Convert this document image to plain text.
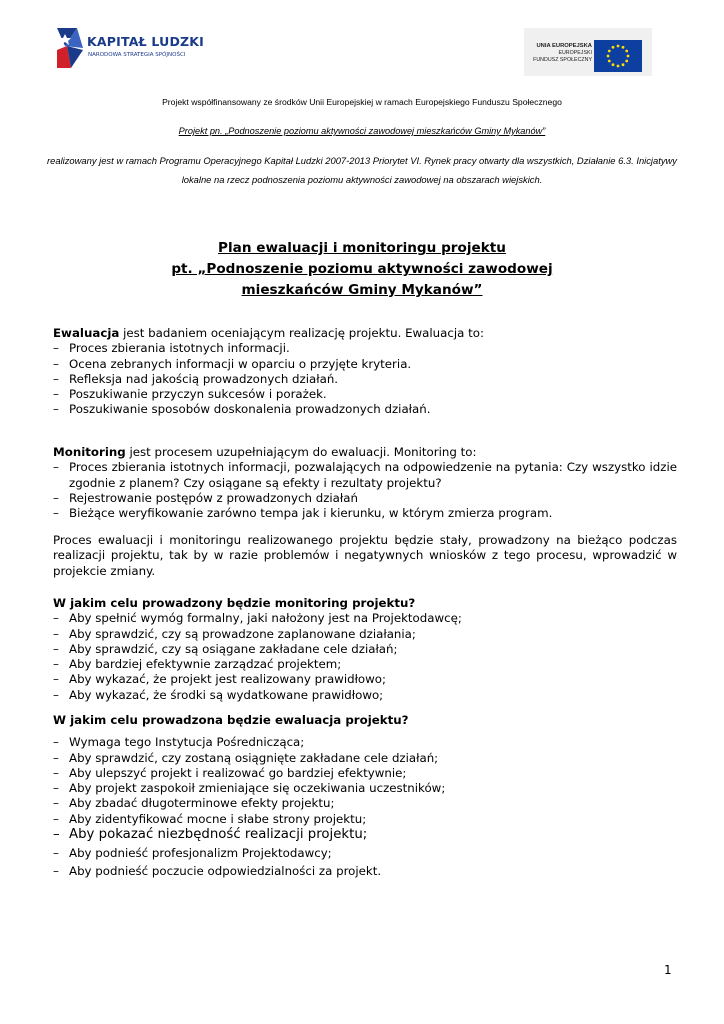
KAPITAŁ LUDZKI
NARODOWA STRATEGIA SPÓJNOŚCI
UNIA EUROPEJSKA
EUROPEJSKI
FUNDUSZ SPOŁECZNY
Projekt współfinansowany ze środków Unii Europejskiej w ramach Europejskiego Funduszu Społecznego
Projekt pn. „Podnoszenie poziomu aktywności zawodowej mieszkańców Gminy Mykanów”
realizowany jest w ramach Programu Operacyjnego Kapitał Ludzki 2007-2013 Priorytet VI. Rynek pracy otwarty dla wszystkich, Działanie 6.3. Inicjatywy lokalne na rzecz podnoszenia poziomu aktywności zawodowej na obszarach wiejskich.
Plan ewaluacji i monitoringu projektu
pt. „Podnoszenie poziomu aktywności zawodowej
mieszkańców Gminy Mykanów”

Ewaluacja jest badaniem oceniającym realizację projektu. Ewaluacja to:

– Proces zbierania istotnych informacji.
– Ocena zebranych informacji w oparciu o przyjęte kryteria.
– Refleksja nad jakością prowadzonych działań.
– Poszukiwanie przyczyn sukcesów i porażek.
– Poszukiwanie sposobów doskonalenia prowadzonych działań.

Monitoring jest procesem uzupełniającym do ewaluacji. Monitoring to:

– Proces zbierania istotnych informacji, pozwalających na odpowiedzenie na pytania: Czy wszystko idzie zgodnie z planem? Czy osiągane są efekty i rezultaty projektu?
– Rejestrowanie postępów z prowadzonych działań
– Bieżące weryfikowanie zarówno tempa jak i kierunku, w którym zmierza program.
Proces ewaluacji i monitoringu realizowanego projektu będzie stały, prowadzony na bieżąco podczas realizacji projektu, tak by w razie problemów i negatywnych wniosków z tego procesu, wprowadzić w projekcie zmiany.

W jakim celu prowadzony będzie monitoring projektu?

– Aby spełnić wymóg formalny, jaki nałożony jest na Projektodawcę;
– Aby sprawdzić, czy są prowadzone zaplanowane działania;
– Aby sprawdzić, czy są osiągane zakładane cele działań;
– Aby bardziej efektywnie zarządzać projektem;
– Aby wykazać, że projekt jest realizowany prawidłowo;
– Aby wykazać, że środki są wydatkowane prawidłowo;

W jakim celu prowadzona będzie ewaluacja projektu?

– Wymaga tego Instytucja Pośrednicząca;
– Aby sprawdzić, czy zostaną osiągnięte zakładane cele działań;
– Aby ulepszyć projekt i realizować go bardziej efektywnie;
– Aby projekt zaspokoił zmieniające się oczekiwania uczestników;
– Aby zbadać długoterminowe efekty projektu;
– Aby zidentyfikować mocne i słabe strony projektu;
– Aby pokazać niezbędność realizacji projektu;
– Aby podnieść profesjonalizm Projektodawcy;
– Aby podnieść poczucie odpowiedzialności za projekt.
1
